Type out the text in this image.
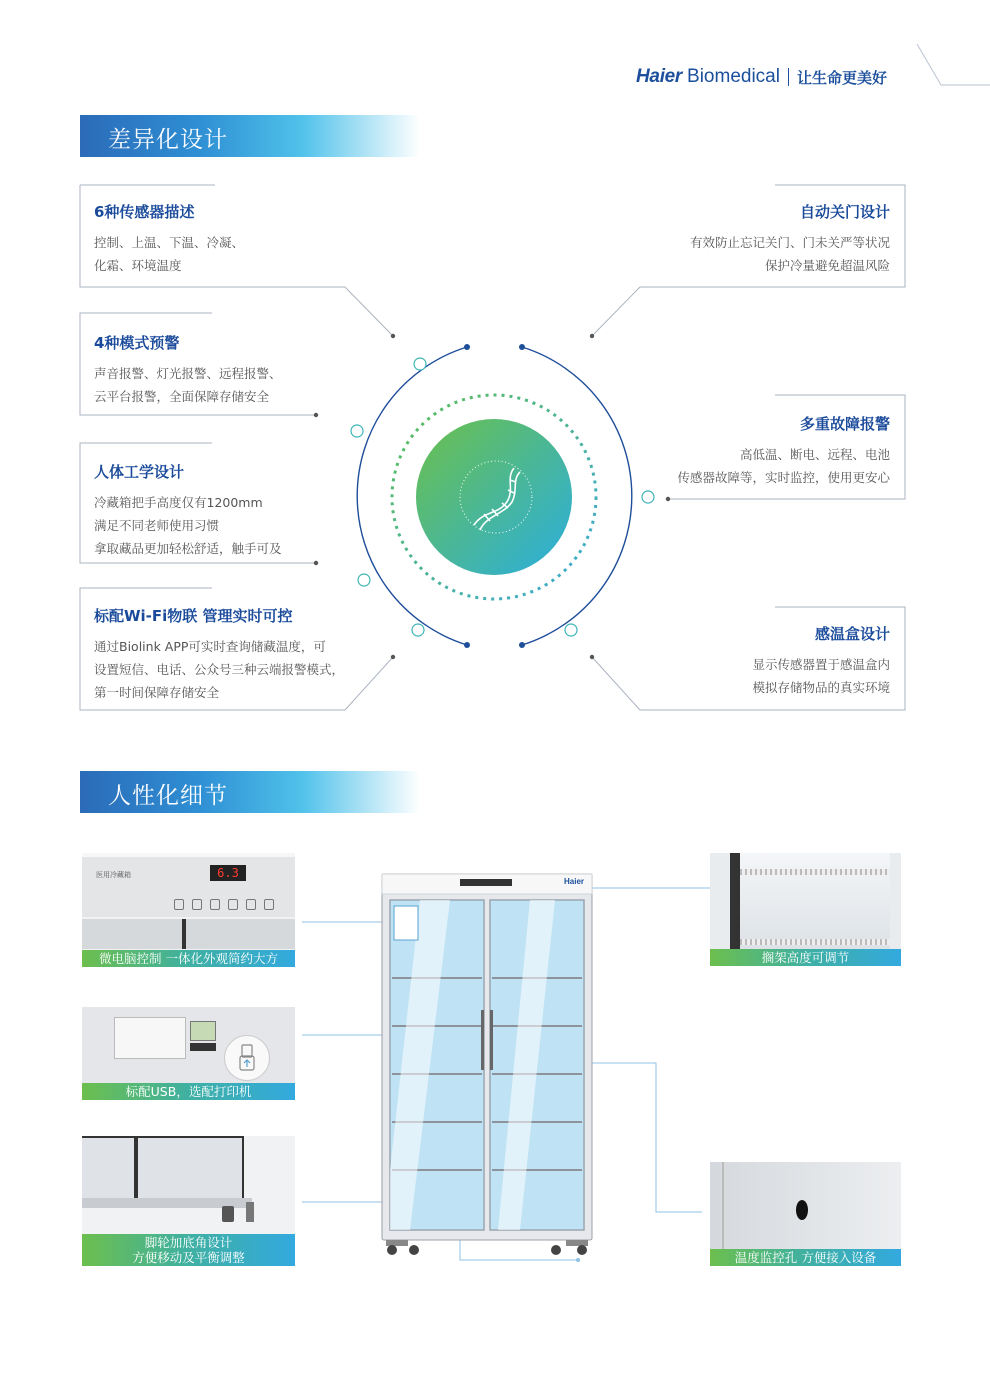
Haier Biomedical 让生命更美好
差异化设计
6种传感器描述
控制、上温、下温、冷凝、
化霜、环境温度
4种模式预警
声音报警、灯光报警、远程报警、
云平台报警，全面保障存储安全
人体工学设计
冷藏箱把手高度仅有1200mm
满足不同老师使用习惯
拿取藏品更加轻松舒适，触手可及
标配Wi-Fi物联 管理实时可控
通过Biolink APP可实时查询储藏温度，可
设置短信、电话、公众号三种云端报警模式，
第一时间保障存储安全
自动关门设计
有效防止忘记关门、门未关严等状况
保护冷量避免超温风险
多重故障报警
高低温、断电、远程、电池
传感器故障等，实时监控，使用更安心
感温盒设计
显示传感器置于感温盒内
模拟存储物品的真实环境
人性化细节
医用冷藏箱	6.3
微电脑控制 一体化外观简约大方
标配USB，选配打印机
脚轮加底角设计
方便移动及平衡调整
搁架高度可调节
温度监控孔 方便接入设备
Haier
